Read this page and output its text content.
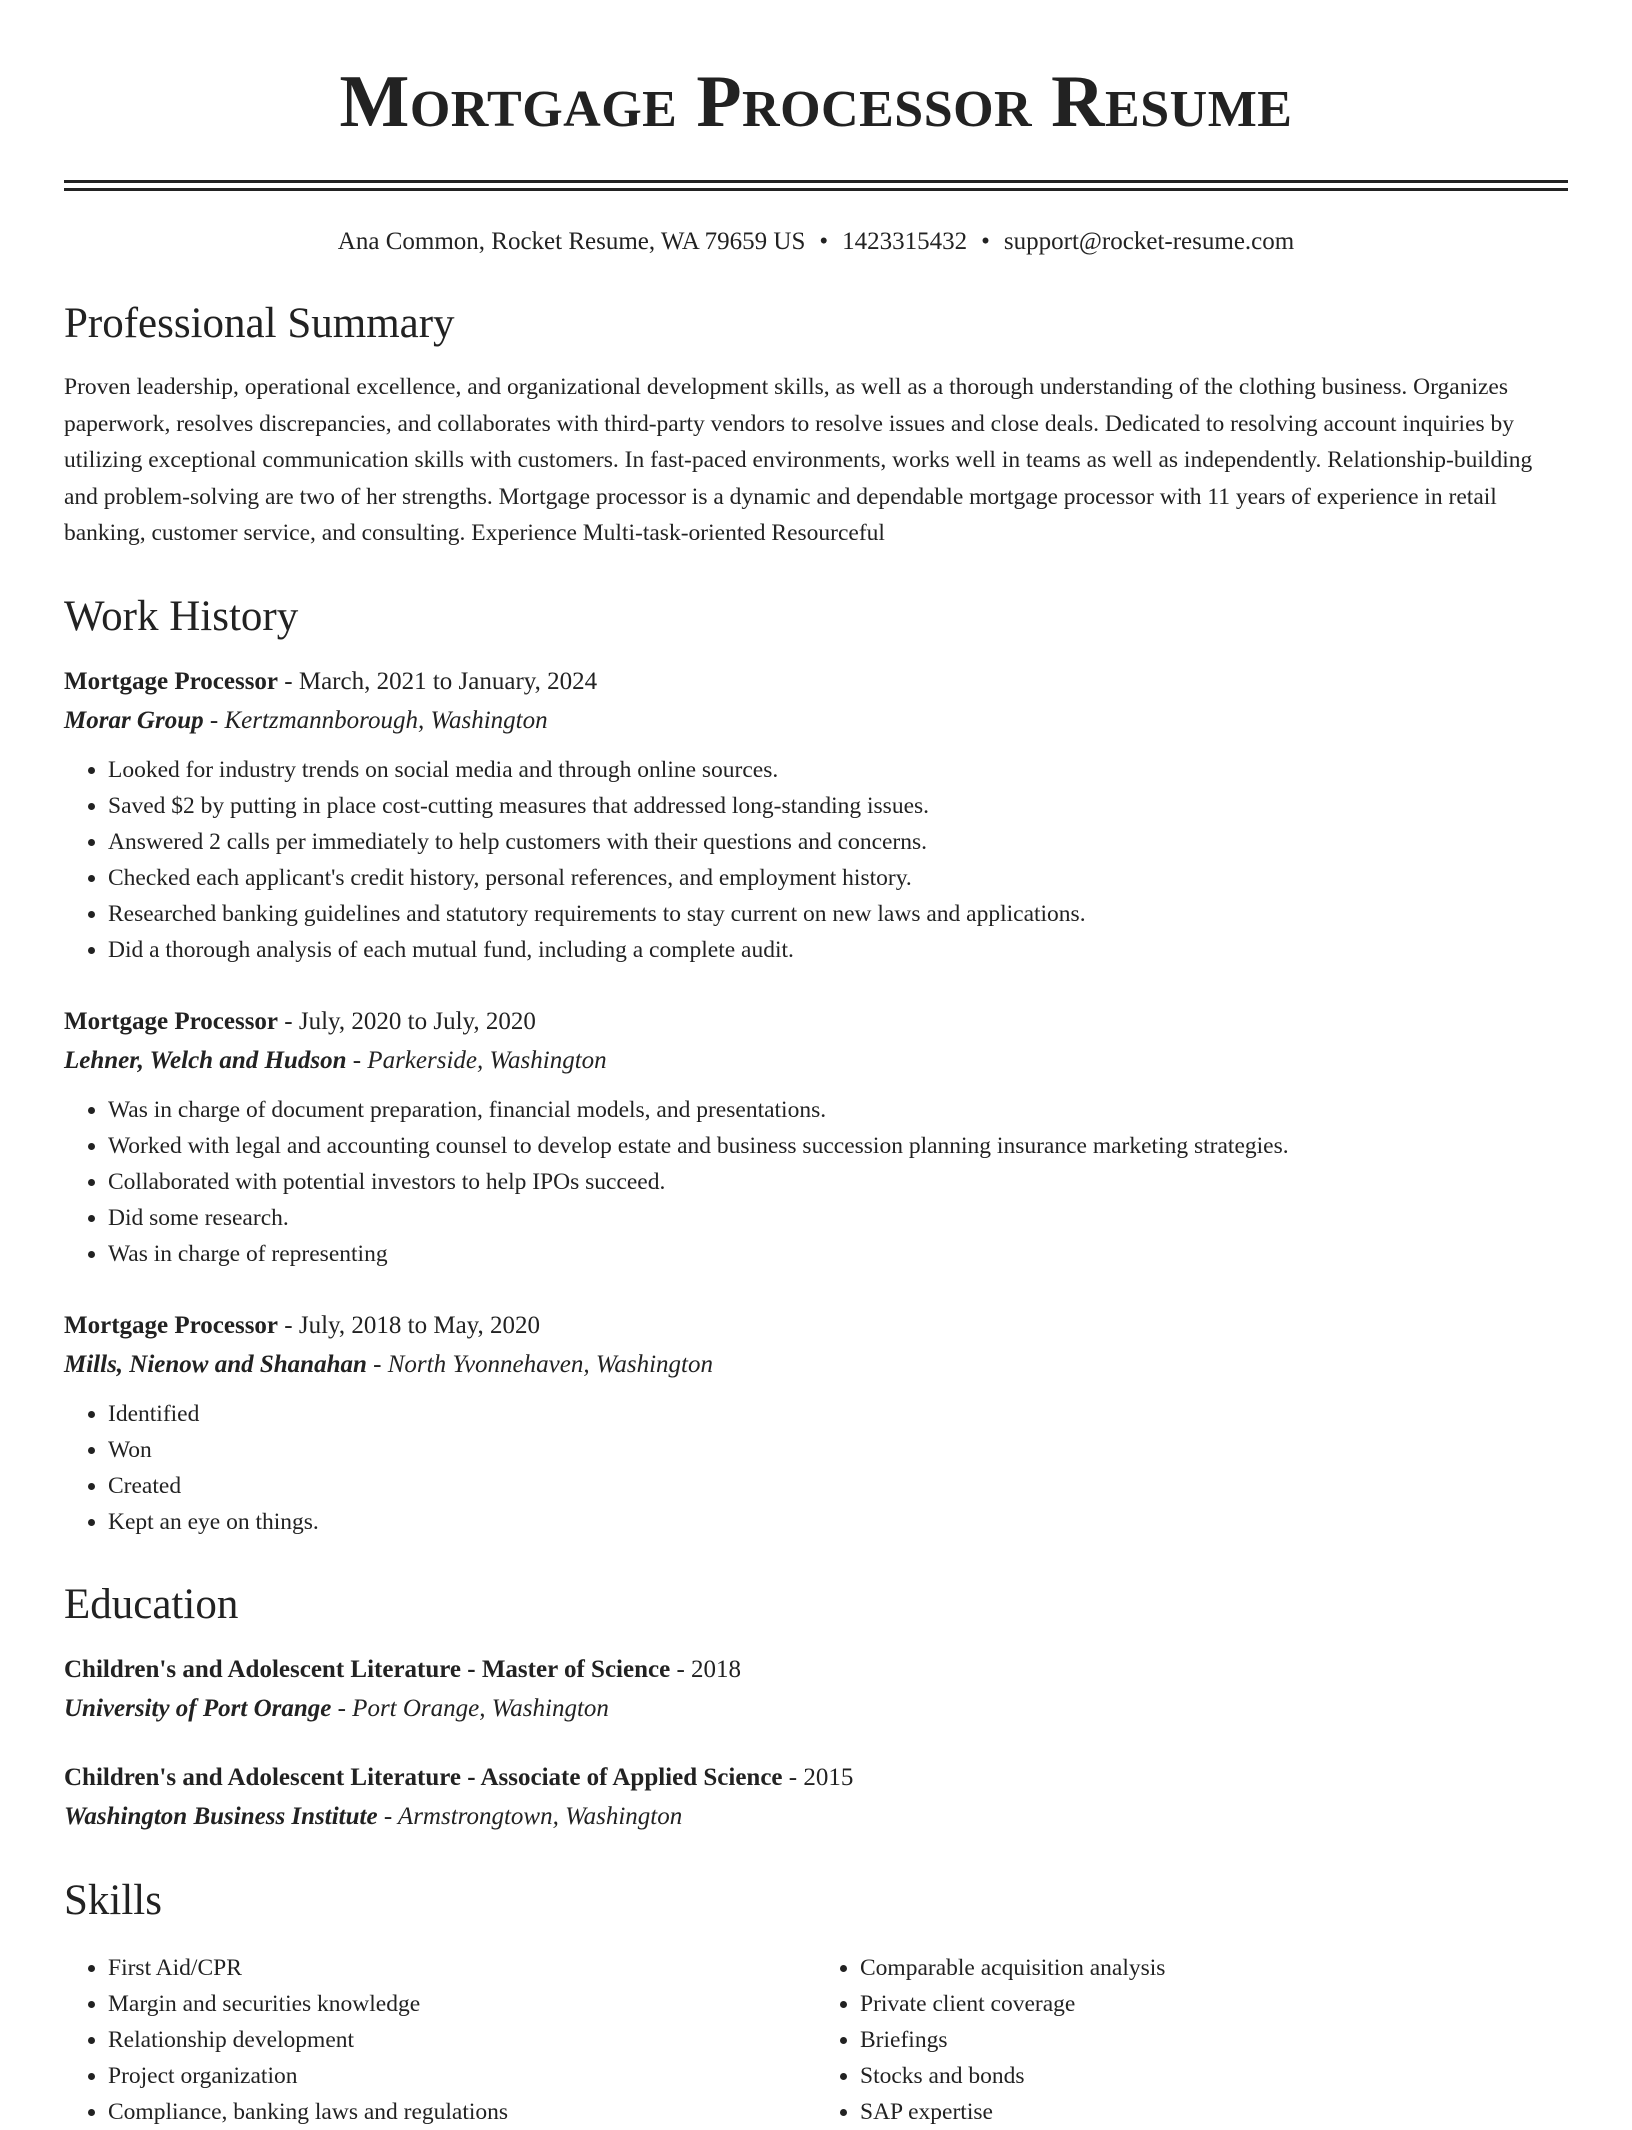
Mortgage Processor Resume
Ana Common, Rocket Resume, WA 79659 US • 1423315432 • support@rocket-resume.com
Professional Summary

Proven leadership, operational excellence, and organizational development skills, as well as a thorough understanding of the clothing business. Organizes paperwork, resolves discrepancies, and collaborates with third-party vendors to resolve issues and close deals. Dedicated to resolving account inquiries by utilizing exceptional communication skills with customers. In fast-paced environments, works well in teams as well as independently. Relationship-building and problem-solving are two of her strengths. Mortgage processor is a dynamic and dependable mortgage processor with 11 years of experience in retail banking, customer service, and consulting. Experience Multi-task-oriented Resourceful

Work History
Mortgage Processor - March, 2021 to January, 2024
Morar Group - Kertzmannborough, Washington
• Looked for industry trends on social media and through online sources.
• Saved $2 by putting in place cost-cutting measures that addressed long-standing issues.
• Answered 2 calls per immediately to help customers with their questions and concerns.
• Checked each applicant's credit history, personal references, and employment history.
• Researched banking guidelines and statutory requirements to stay current on new laws and applications.
• Did a thorough analysis of each mutual fund, including a complete audit.
Mortgage Processor - July, 2020 to July, 2020
Lehner, Welch and Hudson - Parkerside, Washington
• Was in charge of document preparation, financial models, and presentations.
• Worked with legal and accounting counsel to develop estate and business succession planning insurance marketing strategies.
• Collaborated with potential investors to help IPOs succeed.
• Did some research.
• Was in charge of representing
Mortgage Processor - July, 2018 to May, 2020
Mills, Nienow and Shanahan - North Yvonnehaven, Washington
• Identified
• Won
• Created
• Kept an eye on things.
Education
Children's and Adolescent Literature - Master of Science - 2018
University of Port Orange - Port Orange, Washington
Children's and Adolescent Literature - Associate of Applied Science - 2015
Washington Business Institute - Armstrongtown, Washington
Skills
• First Aid/CPR
• Margin and securities knowledge
• Relationship development
• Project organization
• Compliance, banking laws and regulations
• Comparable acquisition analysis
• Private client coverage
• Briefings
• Stocks and bonds
• SAP expertise
